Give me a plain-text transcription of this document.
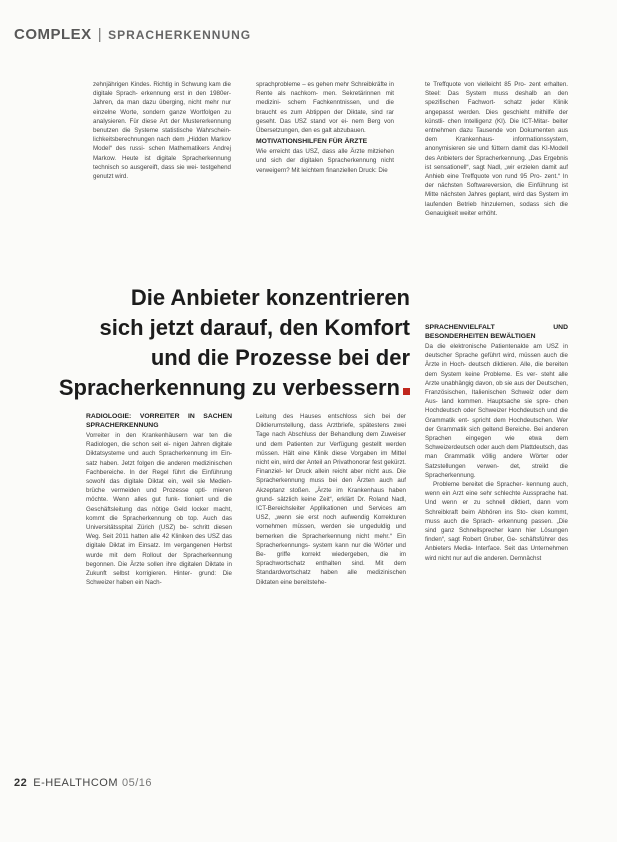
COMPLEX | SPRACHERKENNUNG

zehnjährigen Kindes. Richtig in Schwung kam die digitale Sprach- erkennung erst in den 1980er-Jahren, da man dazu überging, nicht mehr nur einzelne Worte, sondern ganze Wortfolgen zu analysieren. Für diese Art der Mustererkennung benutzen die Systeme statistische Wahrschein- lichkeitsberechnungen nach dem „Hidden Markov Model“ des russi- schen Mathematikers Andrej Markow. Heute ist digitale Spracherkennung technisch so ausgereift, dass sie wei- testgehend genutzt wird.

sprachprobleme – es gehen mehr Schreibkräfte in Rente als nachkom- men. Sekretärinnen mit medizini- schem Fachkenntnissen, und die braucht es zum Abtippen der Diktate, sind rar geseht. Das USZ stand vor ei- nem Berg von Übersetzungen, den es galt abzubauen.

MOTIVATIONSHILFEN FÜR ÄRZTE

Wie erreicht das USZ, dass alle Ärzte mitziehen und sich der digitalen Spracherkennung nicht verweigern? Mit leichtem finanziellen Druck: Die

te Treffquote von vielleicht 85 Pro- zent erhalten. Steel: Das System muss deshalb an den spezifischen Fachwort- schatz jeder Klinik angepasst werden. Dies geschieht mithilfe der künstli- chen Intelligenz (KI). Die ICT-Mitar- beiter entnehmen dazu Tausende von Dokumenten aus dem Krankenhaus- informationssystem, anonymisieren sie und füttern damit das KI-Modell des Anbieters der Spracherkennung. „Das Ergebnis ist sensationell“, sagt Nadl, „wir erzielen damit auf Anhieb eine Treffquote von rund 95 Pro- zent.“ In der nächsten Softwareversion, die Einführung ist Mitte nächsten Jahres geplant, wird das System im laufenden Betrieb hinzulernen, sodass sich die Genauigkeit weiter erhöht.

Die Anbieter konzentrieren
sich jetzt darauf, den Komfort
und die Prozesse bei der
Spracherkennung zu verbessern
SPRACHENVIELFALT UND BESONDERHEITEN BEWÄLTIGEN

Da die elektronische Patientenakte am USZ in deutscher Sprache geführt wird, müssen auch die Ärzte in Hoch- deutsch diktieren. Alle, die bereiten dem System keine Probleme. Es ver- steht alle Arzte unabhängig davon, ob sie aus der Deutschen, Französischen, Italienischen Schweiz oder dem Aus- land kommen. Hauptsache sie spre- chen Hochdeutsch oder Schweizer Hochdeutsch und die Grammatik ent- spricht dem Hochdeutschen. Wer der Grammatik sich geltend Bereiche. Bei anderen Sprachen eingegen wie etwa dem Schweizerdeutsch oder auch dem Plattdeutsch, das man Grammatik völlig andere Wörter oder Satzstellungen verwen- det, streikt die Spracherkennung.

Probleme bereitet die Spracher- kennung auch, wenn ein Arzt eine sehr schlechte Aussprache hat. Und wenn er zu schnell diktiert, dann vom Schreibkraft beim Abhören ins Sto- cken kommt, muss auch die Sprach- erkennung passen. „Die sind ganz Schnellsprecher kann hier Lösungen finden“, sagt Robert Gruber, Ge- schäftsführer des Anbieters Media- Interface. Seit das Unternehmen wird nicht nur auf die anderen. Demnächst

RADIOLOGIE: VORREITER IN SACHEN SPRACHERKENNUNG

Vorreiter in den Krankenhäusern war ten die Radiologen, die schon seit ei- nigen Jahren digitale Diktatsysteme und auch Spracherkennung im Ein- satz haben. Jetzt folgen die anderen medizinischen Fachbereiche. In der Regel führt die Einführung sowohl das digitale Diktat ein, weil sie Medien- brüche vermeiden und Prozesse opti- mieren möchte. Wenn alles gut funk- tioniert und die Geschäftsleitung das nötige Geld locker macht, kommt die Spracherkennung ob top. Auch das Universitätsspital Zürich (USZ) be- schritt diesen Weg. Seit 2011 hatten alle 42 Kliniken des USZ das digitale Diktat im Einsatz. Im vergangenen Herbst wurde mit dem Rollout der Spracherkennung begonnen. Die Ärzte sollen ihre digitalen Diktate in Zukunft selbst korrigieren. Hinter- grund: Die Schweizer haben ein Nach-

Leitung des Hauses entschloss sich bei der Diktierumstellung, dass Arztbriefe, spätestens zwei Tage nach Abschluss der Behandlung dem Zuweiser und dem Patienten zur Verfügung gestellt werden müssen. Hält eine Klinik diese Vorgaben im Mittel nicht ein, wird der Anteil an Privathonorar fest gekürzt. Finanziel- ler Druck allein reicht aber nicht aus. Die Spracherkennung muss bei den Ärzten auch auf Akzeptanz stoßen. „Ärzte im Krankenhaus haben grund- sätzlich keine Zeit“, erklärt Dr. Roland Nadl, ICT-Bereichsleiter Applikationen und Services am USZ, „wenn sie erst noch aufwendig Korrekturen vornehmen müssen, werden sie ungeduldig und bemerken die Spracherkennung nicht mehr.“ Ein Spracherkennungs- system kann nur die Wörter und Be- griffe korrekt wiedergeben, die im Sprachwortschatz enthalten sind. Mit dem Standardwortschatz haben alle medizinischen Diktaten eine bereitstehe-

22 E-HEALTHCOM 05/16
